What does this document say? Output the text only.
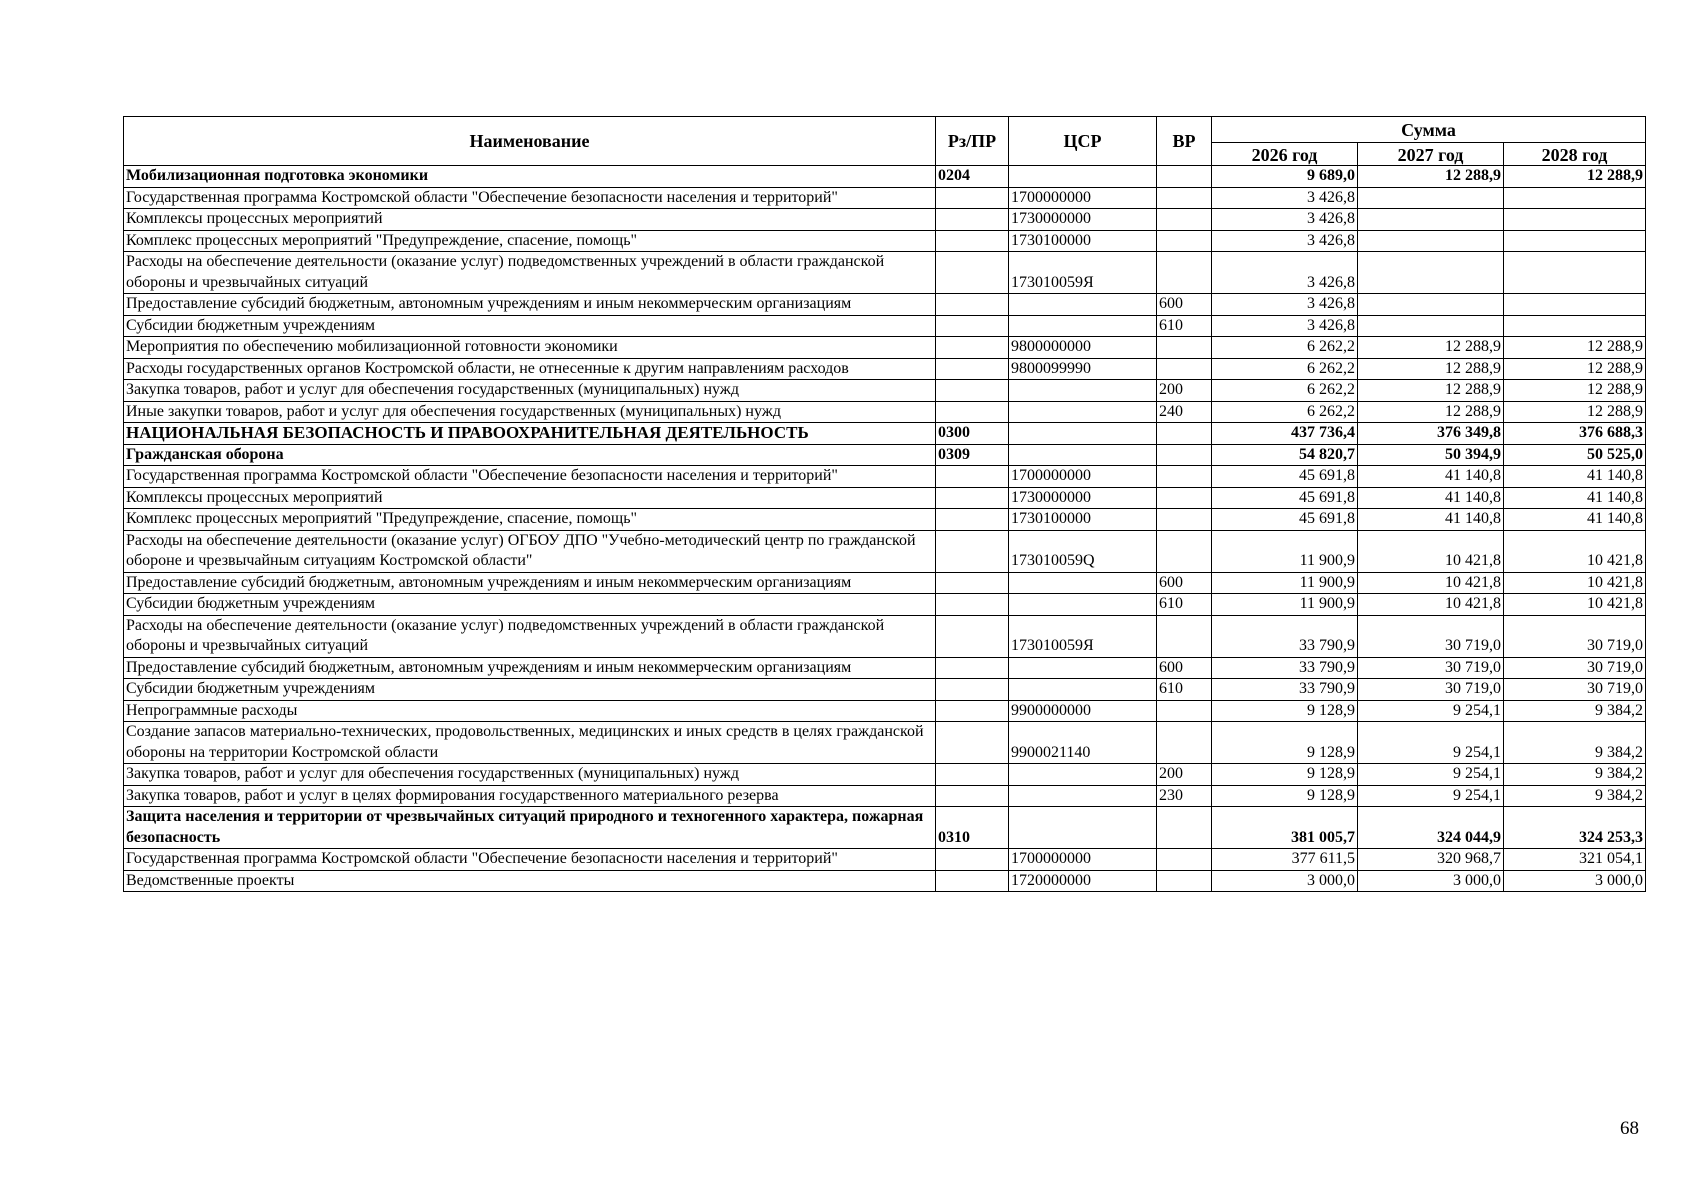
Наименование	Рз/ПР	ЦСР	ВР	Сумма		
				2026 год	2027 год	2028 год
Мобилизационная подготовка экономики	0204			9 689,0	12 288,9	12 288,9
Государственная программа Костромской области "Обеспечение безопасности населения и территорий"		1700000000		3 426,8		
Комплексы процессных мероприятий		1730000000		3 426,8		
Комплекс процессных мероприятий "Предупреждение, спасение, помощь"		1730100000		3 426,8		
Расходы на обеспечение деятельности (оказание услуг) подведомственных учреждений в области гражданской обороны и чрезвычайных ситуаций		173010059Я		3 426,8		
Предоставление субсидий бюджетным, автономным учреждениям и иным некоммерческим организациям			600	3 426,8		
Субсидии бюджетным учреждениям			610	3 426,8		
Мероприятия по обеспечению мобилизационной готовности экономики		9800000000		6 262,2	12 288,9	12 288,9
Расходы государственных органов Костромской области, не отнесенные к другим направлениям расходов		9800099990		6 262,2	12 288,9	12 288,9
Закупка товаров, работ и услуг для обеспечения государственных (муниципальных) нужд			200	6 262,2	12 288,9	12 288,9
Иные закупки товаров, работ и услуг для обеспечения государственных (муниципальных) нужд			240	6 262,2	12 288,9	12 288,9
НАЦИОНАЛЬНАЯ БЕЗОПАСНОСТЬ И ПРАВООХРАНИТЕЛЬНАЯ ДЕЯТЕЛЬНОСТЬ	0300			437 736,4	376 349,8	376 688,3
Гражданская оборона	0309			54 820,7	50 394,9	50 525,0
Государственная программа Костромской области "Обеспечение безопасности населения и территорий"		1700000000		45 691,8	41 140,8	41 140,8
Комплексы процессных мероприятий		1730000000		45 691,8	41 140,8	41 140,8
Комплекс процессных мероприятий "Предупреждение, спасение, помощь"		1730100000		45 691,8	41 140,8	41 140,8
Расходы на обеспечение деятельности (оказание услуг) ОГБОУ ДПО "Учебно-методический центр по гражданской обороне и чрезвычайным ситуациям Костромской области"		173010059Q		11 900,9	10 421,8	10 421,8
Предоставление субсидий бюджетным, автономным учреждениям и иным некоммерческим организациям			600	11 900,9	10 421,8	10 421,8
Субсидии бюджетным учреждениям			610	11 900,9	10 421,8	10 421,8
Расходы на обеспечение деятельности (оказание услуг) подведомственных учреждений в области гражданской обороны и чрезвычайных ситуаций		173010059Я		33 790,9	30 719,0	30 719,0
Предоставление субсидий бюджетным, автономным учреждениям и иным некоммерческим организациям			600	33 790,9	30 719,0	30 719,0
Субсидии бюджетным учреждениям			610	33 790,9	30 719,0	30 719,0
Непрограммные расходы		9900000000		9 128,9	9 254,1	9 384,2
Создание запасов материально-технических, продовольственных, медицинских и иных средств в целях гражданской обороны на территории Костромской области		9900021140		9 128,9	9 254,1	9 384,2
Закупка товаров, работ и услуг для обеспечения государственных (муниципальных) нужд			200	9 128,9	9 254,1	9 384,2
Закупка товаров, работ и услуг в целях формирования государственного материального резерва			230	9 128,9	9 254,1	9 384,2
Защита населения и территории от чрезвычайных ситуаций природного и техногенного характера, пожарная безопасность	0310			381 005,7	324 044,9	324 253,3
Государственная программа Костромской области "Обеспечение безопасности населения и территорий"		1700000000		377 611,5	320 968,7	321 054,1
Ведомственные проекты		1720000000		3 000,0	3 000,0	3 000,0
68
